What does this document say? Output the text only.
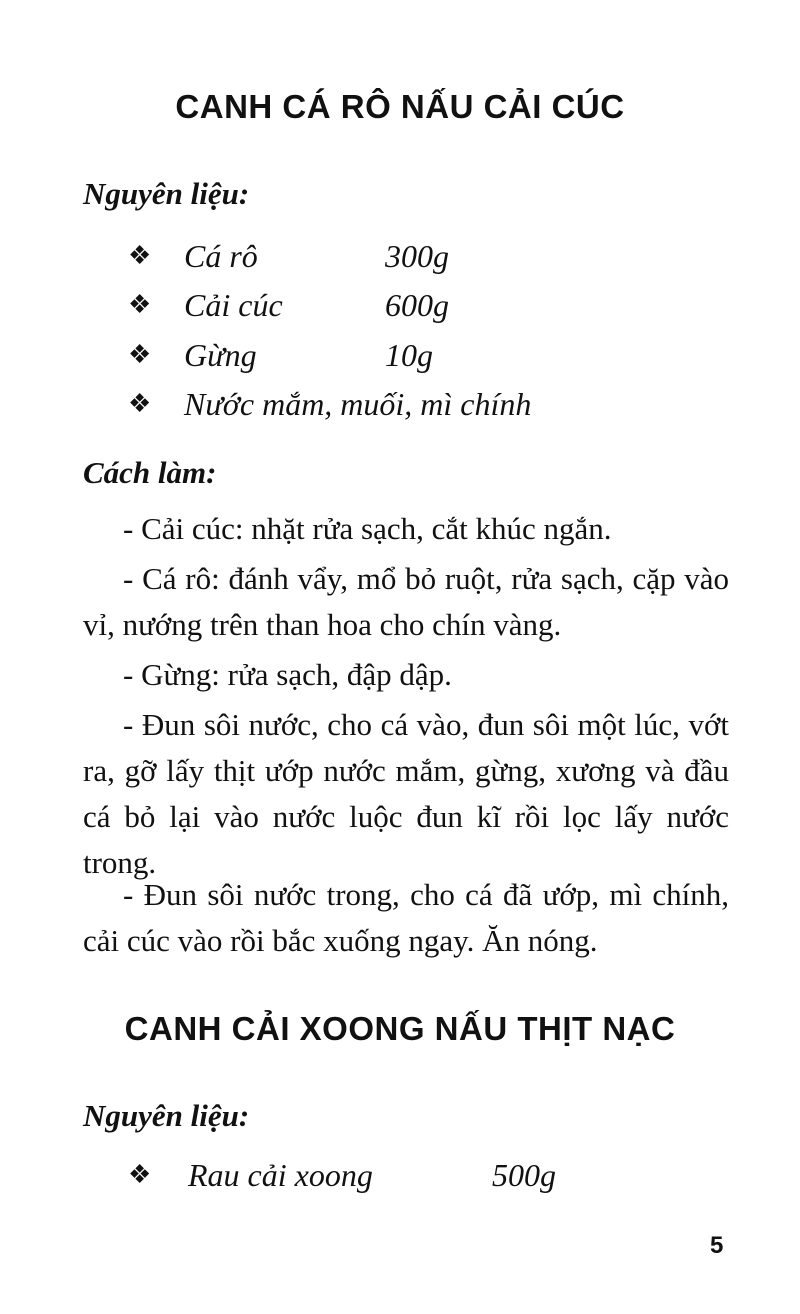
CANH CÁ RÔ NẤU CẢI CÚC
Nguyên liệu:
❖ Cá rô	300g
❖ Cải cúc	600g
❖ Gừng	10g
❖ Nước mắm, muối, mì chính
Cách làm:

- Cải cúc: nhặt rửa sạch, cắt khúc ngắn.

- Cá rô: đánh vẩy, mổ bỏ ruột, rửa sạch, cặp vào vỉ, nướng trên than hoa cho chín vàng.

- Gừng: rửa sạch, đập dập.

- Đun sôi nước, cho cá vào, đun sôi một lúc, vớt ra, gỡ lấy thịt ướp nước mắm, gừng, xương và đầu cá bỏ lại vào nước luộc đun kĩ rồi lọc lấy nước trong.

- Đun sôi nước trong, cho cá đã ướp, mì chính, cải cúc vào rồi bắc xuống ngay. Ăn nóng.

CANH CẢI XOONG NẤU THỊT NẠC
Nguyên liệu:
❖ Rau cải xoong	500g
5
